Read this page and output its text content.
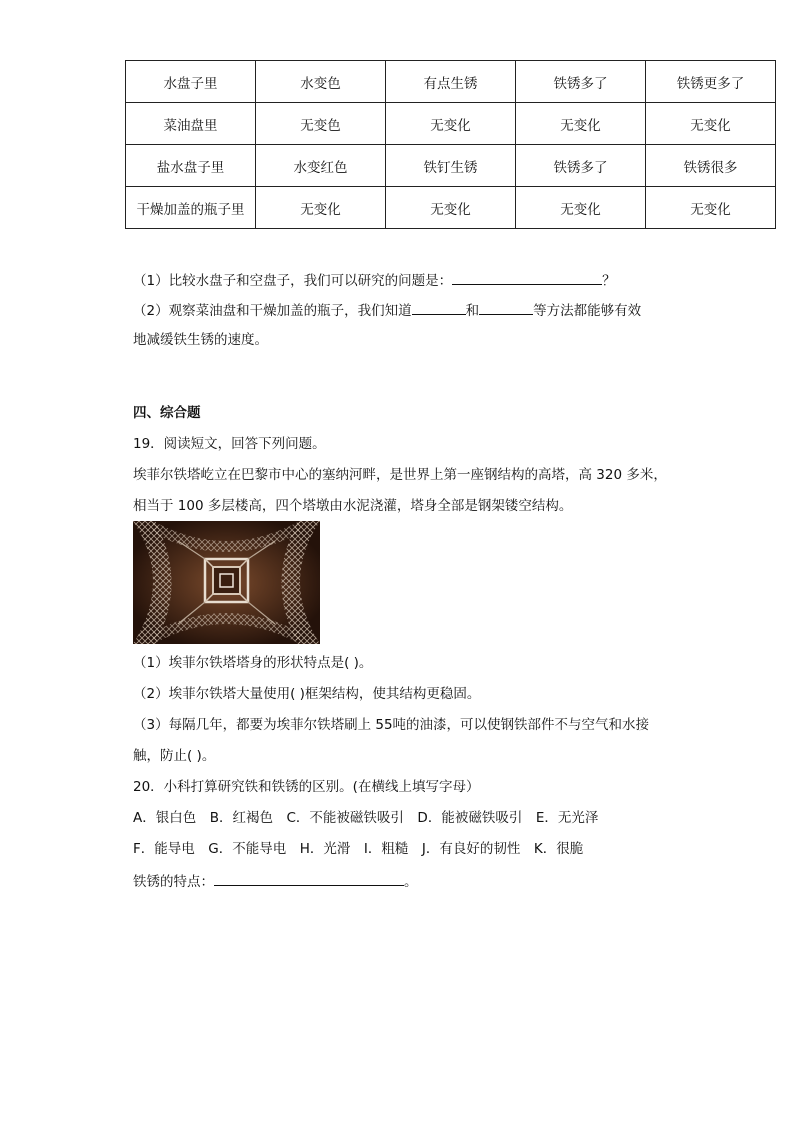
水盘子里	水变色	有点生锈	铁锈多了	铁锈更多了
菜油盘里	无变色	无变化	无变化	无变化
盐水盘子里	水变红色	铁钉生锈	铁锈多了	铁锈很多
干燥加盖的瓶子里	无变化	无变化	无变化	无变化
（1）比较水盘子和空盘子，我们可以研究的问题是：	？
（2）观察菜油盘和干燥加盖的瓶子，我们知道	和	等方法都能够有效
地减缓铁生锈的速度。
四、综合题
19．阅读短文，回答下列问题。
埃菲尔铁塔屹立在巴黎市中心的塞纳河畔，是世界上第一座钢结构的高塔，高 320 多米，
相当于 100 多层楼高，四个塔墩由水泥浇灌，塔身全部是钢架镂空结构。
（1）埃菲尔铁塔塔身的形状特点是( )。
（2）埃菲尔铁塔大量使用( )框架结构，使其结构更稳固。
（3）每隔几年，都要为埃菲尔铁塔刷上 55吨的油漆，可以使钢铁部件不与空气和水接
触，防止( )。
20．小科打算研究铁和铁锈的区别。(在横线上填写字母）
A．银白色　B．红褐色　C．不能被磁铁吸引　D．能被磁铁吸引　E．无光泽
F．能导电　G．不能导电　H．光滑　I．粗糙　J．有良好的韧性　K．很脆
铁锈的特点：	。
